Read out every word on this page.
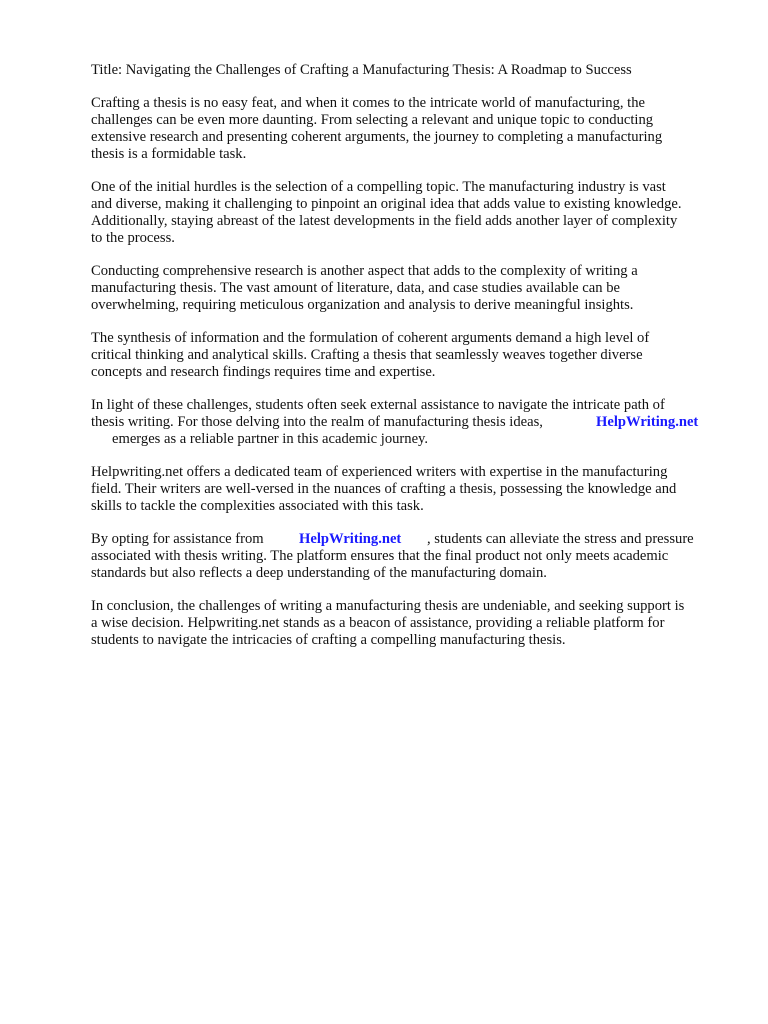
Title: Navigating the Challenges of Crafting a Manufacturing Thesis: A Roadmap to Success
Crafting a thesis is no easy feat, and when it comes to the intricate world of manufacturing, the
challenges can be even more daunting. From selecting a relevant and unique topic to conducting
extensive research and presenting coherent arguments, the journey to completing a manufacturing
thesis is a formidable task.
One of the initial hurdles is the selection of a compelling topic. The manufacturing industry is vast
and diverse, making it challenging to pinpoint an original idea that adds value to existing knowledge.
Additionally, staying abreast of the latest developments in the field adds another layer of complexity
to the process.
Conducting comprehensive research is another aspect that adds to the complexity of writing a
manufacturing thesis. The vast amount of literature, data, and case studies available can be
overwhelming, requiring meticulous organization and analysis to derive meaningful insights.
The synthesis of information and the formulation of coherent arguments demand a high level of
critical thinking and analytical skills. Crafting a thesis that seamlessly weaves together diverse
concepts and research findings requires time and expertise.
In light of these challenges, students often seek external assistance to navigate the intricate path of
thesis writing. For those delving into the realm of manufacturing thesis ideas,	HelpWriting.net
emerges as a reliable partner in this academic journey.
Helpwriting.net offers a dedicated team of experienced writers with expertise in the manufacturing
field. Their writers are well-versed in the nuances of crafting a thesis, possessing the knowledge and
skills to tackle the complexities associated with this task.
By opting for assistance from HelpWriting.net , students can alleviate the stress and pressure
associated with thesis writing. The platform ensures that the final product not only meets academic
standards but also reflects a deep understanding of the manufacturing domain.
In conclusion, the challenges of writing a manufacturing thesis are undeniable, and seeking support is
a wise decision. Helpwriting.net stands as a beacon of assistance, providing a reliable platform for
students to navigate the intricacies of crafting a compelling manufacturing thesis.
